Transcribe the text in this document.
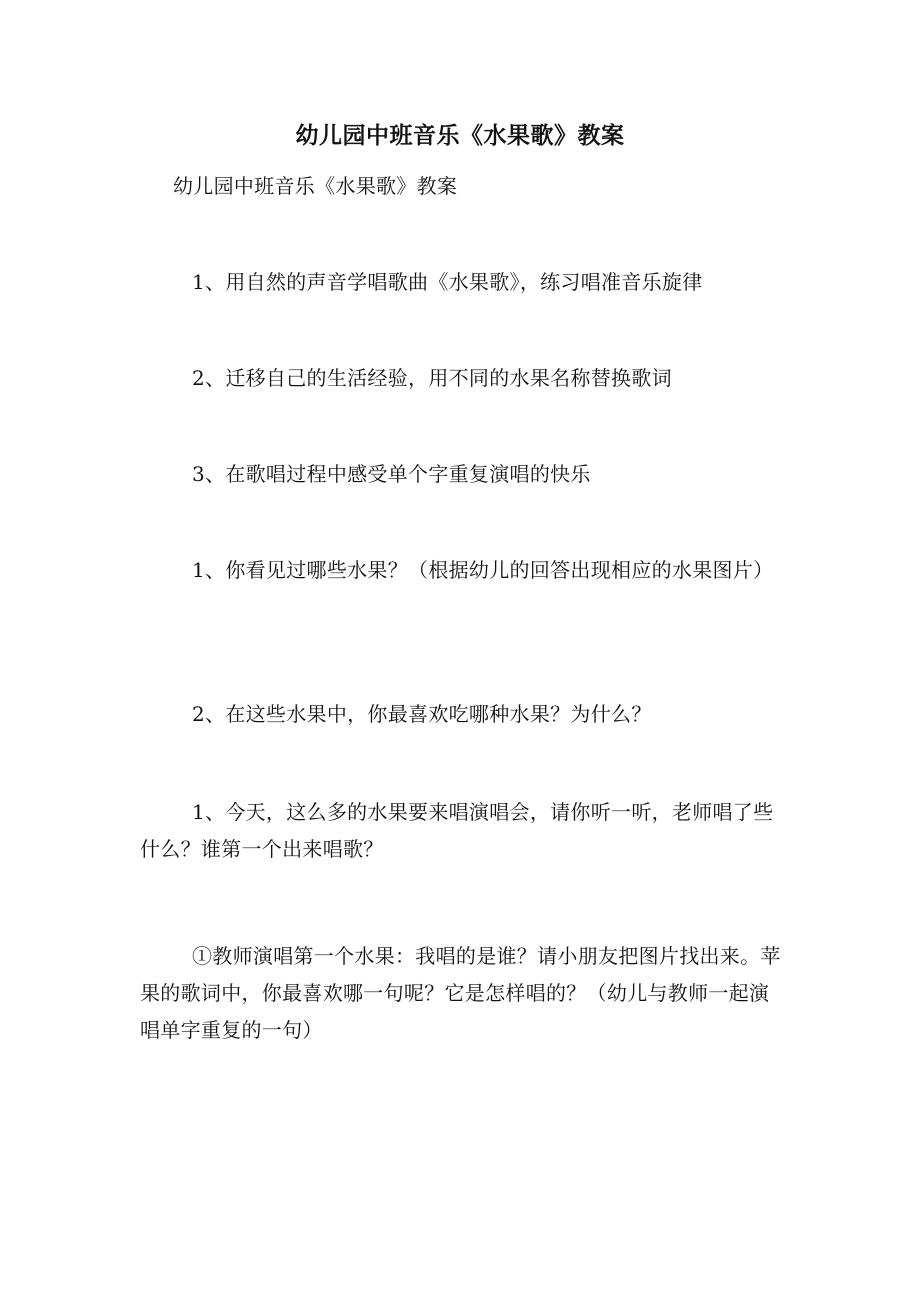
幼儿园中班音乐《水果歌》教案

幼儿园中班音乐《水果歌》教案

1、用自然的声音学唱歌曲《水果歌》，练习唱准音乐旋律

2、迁移自己的生活经验，用不同的水果名称替换歌词

3、在歌唱过程中感受单个字重复演唱的快乐

1、你看见过哪些水果？（根据幼儿的回答出现相应的水果图片）

2、在这些水果中，你最喜欢吃哪种水果？为什么？

1、今天，这么多的水果要来唱演唱会，请你听一听，老师唱了些什么？谁第一个出来唱歌？

①教师演唱第一个水果：我唱的是谁？请小朋友把图片找出来。苹果的歌词中，你最喜欢哪一句呢？它是怎样唱的？（幼儿与教师一起演唱单字重复的一句）
